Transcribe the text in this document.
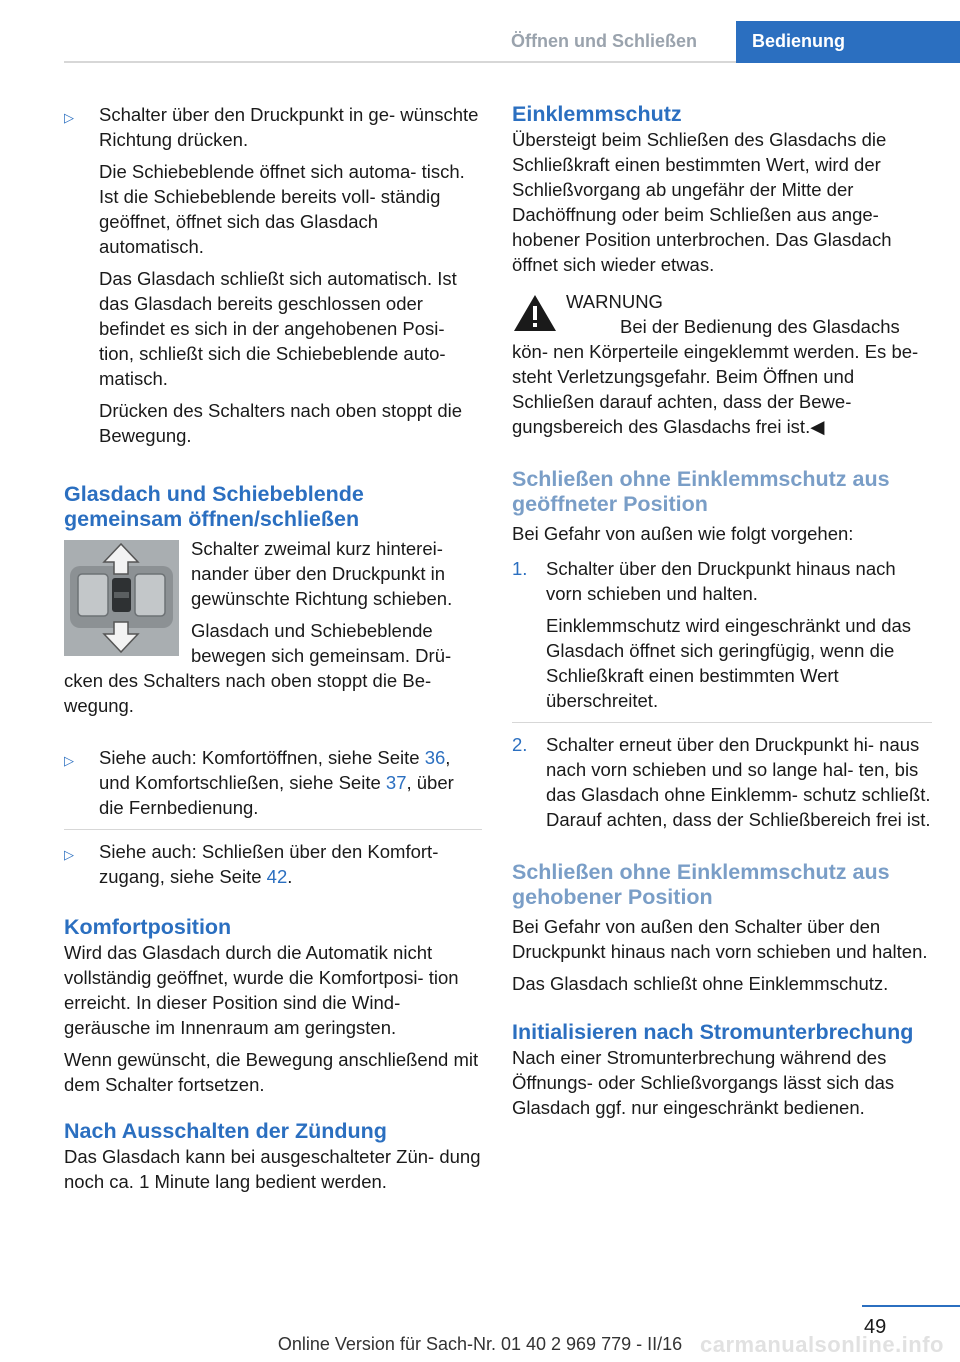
Öffnen und Schließen	Bedienung
▷ Schalter über den Druckpunkt in ge‐ wünschte Richtung drücken.

Die Schiebeblende öffnet sich automa‐ tisch. Ist die Schiebeblende bereits voll‐ ständig geöffnet, öffnet sich das Glasdach automatisch.

Das Glasdach schließt sich automatisch. Ist das Glasdach bereits geschlossen oder befindet es sich in der angehobenen Posi‐ tion, schließt sich die Schiebeblende auto‐ matisch.

Drücken des Schalters nach oben stoppt die Bewegung.

Glasdach und Schiebeblende gemeinsam öffnen/schließen

Schalter zweimal kurz hinterei‐ nander über den Druckpunkt in gewünschte Richtung schieben.

Glasdach und Schiebeblende bewegen sich gemeinsam. Drü‐ cken des Schalters nach oben stoppt die Be‐ wegung.

▷ Siehe auch: Komfortöffnen, siehe Seite 36, und Komfortschließen, siehe Seite 37, über die Fernbedienung.

▷ Siehe auch: Schließen über den Komfort‐ zugang, siehe Seite 42.

Komfortposition

Wird das Glasdach durch die Automatik nicht vollständig geöffnet, wurde die Komfortposi‐ tion erreicht. In dieser Position sind die Wind‐ geräusche im Innenraum am geringsten.

Wenn gewünscht, die Bewegung anschließend mit dem Schalter fortsetzen.

Nach Ausschalten der Zündung

Das Glasdach kann bei ausgeschalteter Zün‐ dung noch ca. 1 Minute lang bedient werden.

Einklemmschutz

Übersteigt beim Schließen des Glasdachs die Schließkraft einen bestimmten Wert, wird der Schließvorgang ab ungefähr der Mitte der Dachöffnung oder beim Schließen aus ange‐ hobener Position unterbrochen. Das Glasdach öffnet sich wieder etwas.

WARNUNG

Bei der Bedienung des Glasdachs kön‐ nen Körperteile eingeklemmt werden. Es be‐ steht Verletzungsgefahr. Beim Öffnen und Schließen darauf achten, dass der Bewe‐ gungsbereich des Glasdachs frei ist.◀

Schließen ohne Einklemmschutz aus geöffneter Position

Bei Gefahr von außen wie folgt vorgehen:

1. Schalter über den Druckpunkt hinaus nach vorn schieben und halten.

Einklemmschutz wird eingeschränkt und das Glasdach öffnet sich geringfügig, wenn die Schließkraft einen bestimmten Wert überschreitet.

2. Schalter erneut über den Druckpunkt hi‐ naus nach vorn schieben und so lange hal‐ ten, bis das Glasdach ohne Einklemm‐ schutz schließt. Darauf achten, dass der Schließbereich frei ist.

Schließen ohne Einklemmschutz aus gehobener Position

Bei Gefahr von außen den Schalter über den Druckpunkt hinaus nach vorn schieben und halten.

Das Glasdach schließt ohne Einklemmschutz.

Initialisieren nach Stromunterbrechung

Nach einer Stromunterbrechung während des Öffnungs- oder Schließvorgangs lässt sich das Glasdach ggf. nur eingeschränkt bedienen.

49
carmanualsonline.info
Online Version für Sach-Nr. 01 40 2 969 779 - II/16
